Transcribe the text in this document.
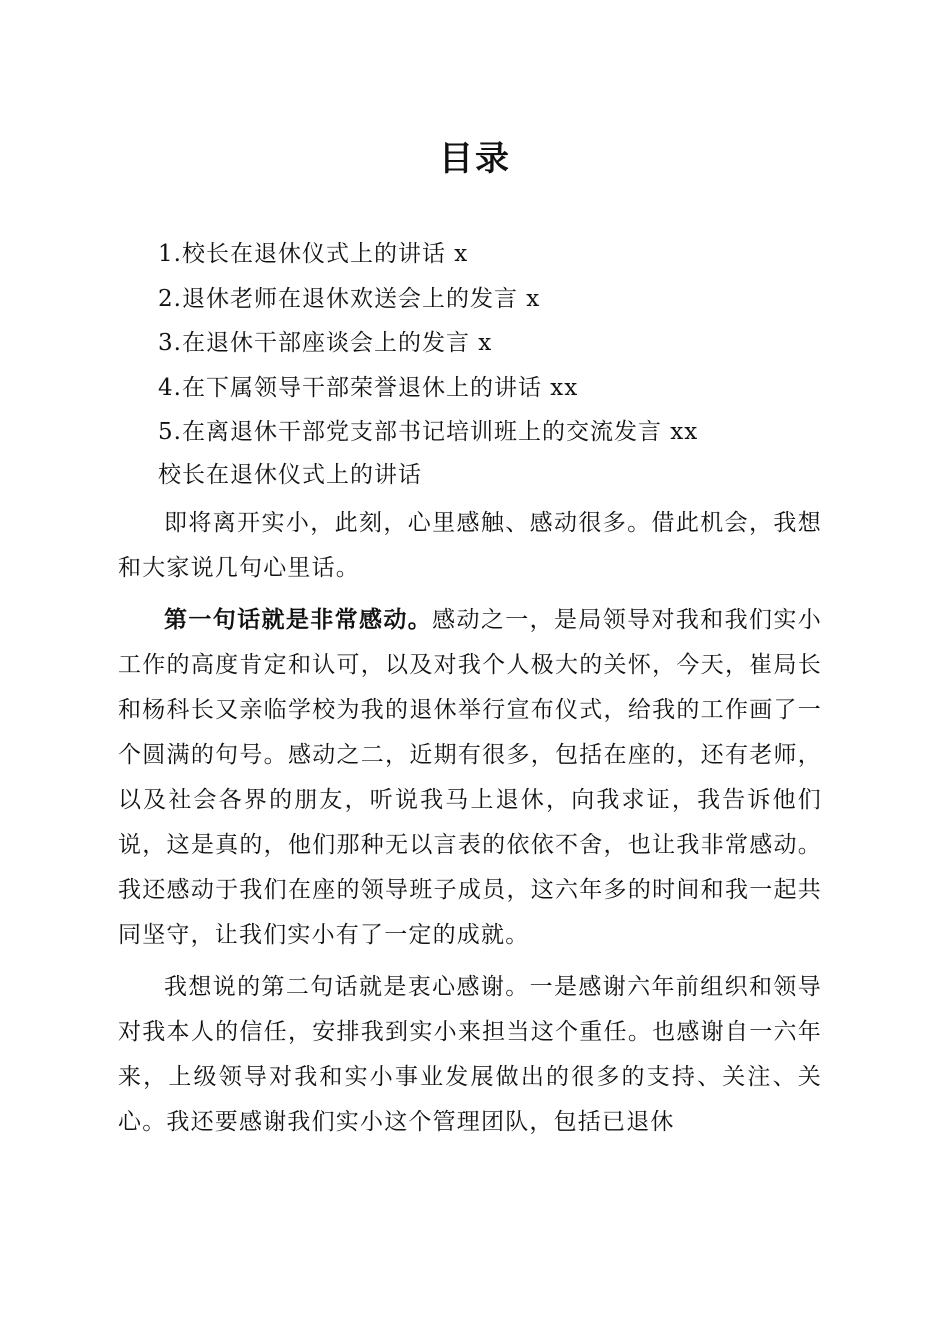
目录
1.校长在退休仪式上的讲话 x
2.退休老师在退休欢送会上的发言 x
3.在退休干部座谈会上的发言 x
4.在下属领导干部荣誉退休上的讲话 xx
5.在离退休干部党支部书记培训班上的交流发言 xx
校长在退休仪式上的讲话

即将离开实小，此刻，心里感触、感动很多。借此机会，我想和大家说几句心里话。

第一句话就是非常感动。感动之一，是局领导对我和我们实小工作的高度肯定和认可，以及对我个人极大的关怀，今天，崔局长和杨科长又亲临学校为我的退休举行宣布仪式，给我的工作画了一个圆满的句号。感动之二，近期有很多，包括在座的，还有老师，以及社会各界的朋友，听说我马上退休，向我求证，我告诉他们说，这是真的，他们那种无以言表的依依不舍，也让我非常感动。我还感动于我们在座的领导班子成员，这六年多的时间和我一起共同坚守，让我们实小有了一定的成就。

我想说的第二句话就是衷心感谢。一是感谢六年前组织和领导对我本人的信任，安排我到实小来担当这个重任。也感谢自一六年来，上级领导对我和实小事业发展做出的很多的支持、关注、关心。我还要感谢我们实小这个管理团队，包括已退休
